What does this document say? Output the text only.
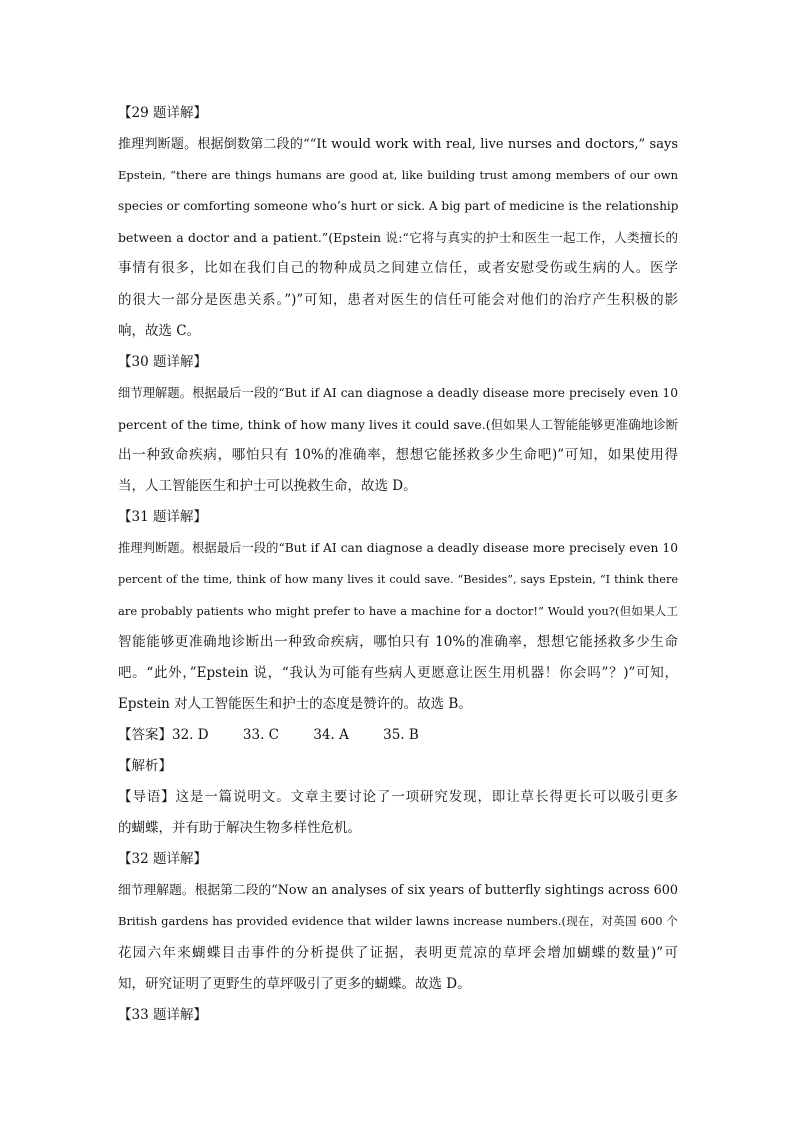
【29 题详解】
推理判断题。根据倒数第二段的““It would work with real, live nurses and doctors,” says
Epstein, “there are things humans are good at, like building trust among members of our own
species or comforting someone who’s hurt or sick. A big part of medicine is the relationship
between a doctor and a patient.”(Epstein 说:“它将与真实的护士和医生一起工作，人类擅长的
事情有很多，比如在我们自己的物种成员之间建立信任，或者安慰受伤或生病的人。医学
的很大一部分是医患关系。”)”可知，患者对医生的信任可能会对他们的治疗产生积极的影
响，故选 C。
【30 题详解】
细节理解题。根据最后一段的“But if AI can diagnose a deadly disease more precisely even 10
percent of the time, think of how many lives it could save.(但如果人工智能能够更准确地诊断
出一种致命疾病，哪怕只有 10%的准确率，想想它能拯救多少生命吧)”可知，如果使用得
当，人工智能医生和护士可以挽救生命，故选 D。
【31 题详解】
推理判断题。根据最后一段的“But if AI can diagnose a deadly disease more precisely even 10
percent of the time, think of how many lives it could save. “Besides”, says Epstein, “I think there
are probably patients who might prefer to have a machine for a doctor!” Would you?(但如果人工
智能能够更准确地诊断出一种致命疾病，哪怕只有 10%的准确率，想想它能拯救多少生命
吧。“此外，”Epstein 说，“我认为可能有些病人更愿意让医生用机器！你会吗”？)”可知，
Epstein 对人工智能医生和护士的态度是赞许的。故选 B。
【答案】32. D        33. C        34. A        35. B
【解析】
【导语】这是一篇说明文。文章主要讨论了一项研究发现，即让草长得更长可以吸引更多
的蝴蝶，并有助于解决生物多样性危机。
【32 题详解】
细节理解题。根据第二段的“Now an analyses of six years of butterfly sightings across 600
British gardens has provided evidence that wilder lawns increase numbers.(现在，对英国 600 个
花园六年来蝴蝶目击事件的分析提供了证据，表明更荒凉的草坪会增加蝴蝶的数量)”可
知，研究证明了更野生的草坪吸引了更多的蝴蝶。故选 D。
【33 题详解】
